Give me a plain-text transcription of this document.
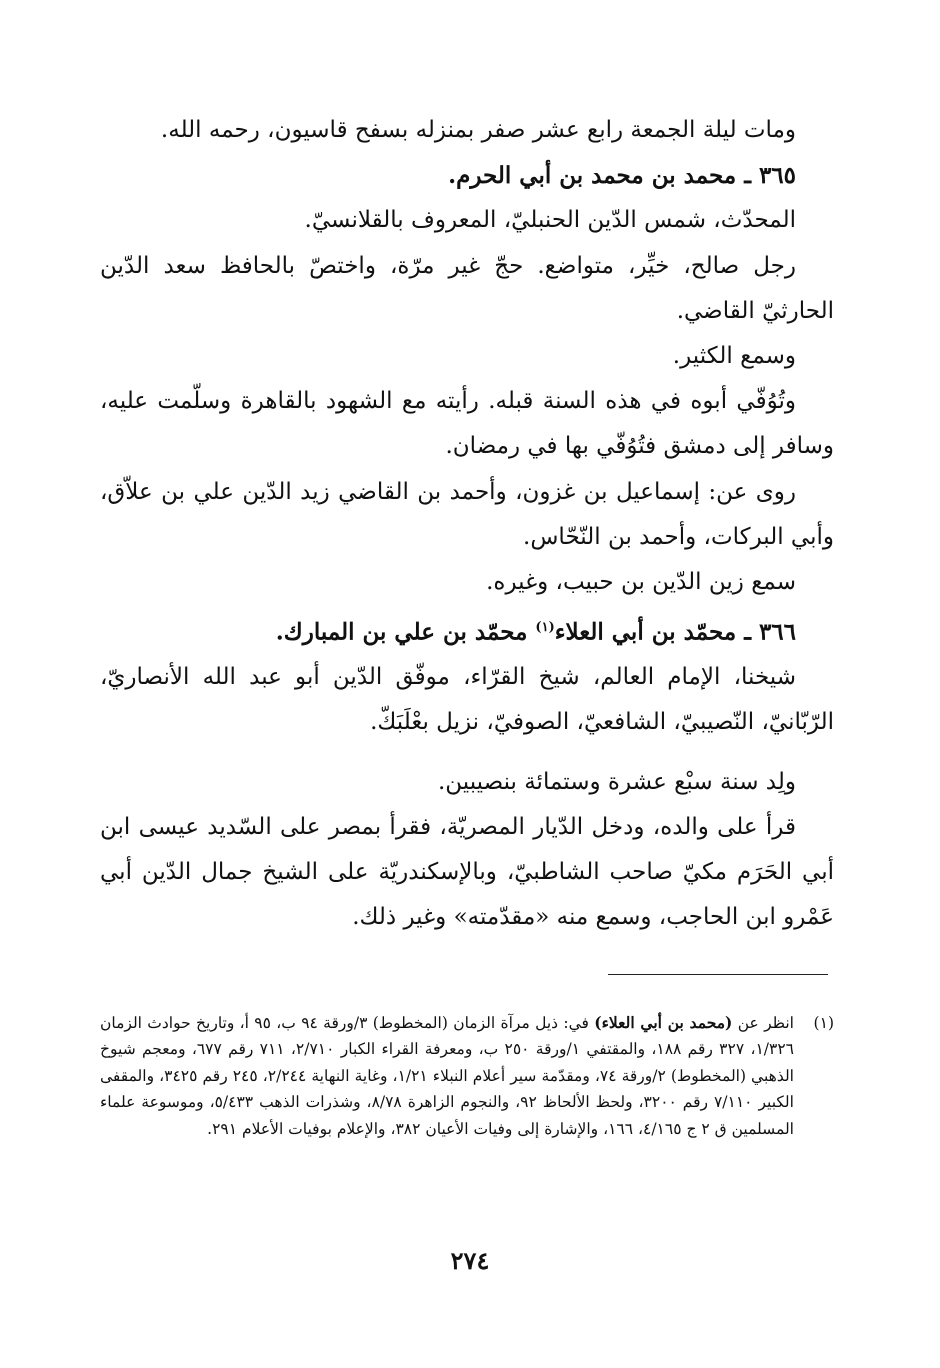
ومات ليلة الجمعة رابع عشر صفر بمنزله بسفح قاسيون، رحمه الله.

٣٦٥ ـ محمد بن محمد بن أبي الحرم.

المحدّث، شمس الدّين الحنبليّ، المعروف بالقلانسيّ.

رجل صالح، خيِّر، متواضع. حجّ غير مرّة، واختصّ بالحافظ سعد الدّين الحارثيّ القاضي.

وسمع الكثير.

وتُوُفّي أبوه في هذه السنة قبله. رأيته مع الشهود بالقاهرة وسلّمت عليه، وسافر إلى دمشق فتُوُفّي بها في رمضان.

روى عن: إسماعيل بن غزون، وأحمد بن القاضي زيد الدّين علي بن علاّق، وأبي البركات، وأحمد بن النّحّاس.

سمع زين الدّين بن حبيب، وغيره.

٣٦٦ ـ محمّد بن أبي العلاء$^{(١)}$ محمّد بن علي بن المبارك.

شيخنا، الإمام العالم، شيخ القرّاء، موفّق الدّين أبو عبد الله الأنصاريّ، الرّبّانيّ، النّصيبيّ، الشافعيّ، الصوفيّ، نزيل بعْلَبَكّ.

ولِد سنة سبْع عشرة وستمائة بنصيبين.

قرأ على والده، ودخل الدّيار المصريّة، فقرأ بمصر على السّديد عيسى ابن أبي الحَرَم مكيّ صاحب الشاطبيّ، وبالإسكندريّة على الشيخ جمال الدّين أبي عَمْرو ابن الحاجب، وسمع منه «مقدّمته» وغير ذلك.

(١)
انظر عن (محمد بن أبي العلاء) في: ذيل مرآة الزمان (المخطوط) ٣/ورقة ٩٤ ب، ٩٥ أ، وتاريخ حوادث الزمان ١/٣٢٦، ٣٢٧ رقم ١٨٨، والمقتفي ١/ورقة ٢٥٠ ب، ومعرفة القراء الكبار ٢/٧١٠، ٧١١ رقم ٦٧٧، ومعجم شيوخ الذهبي (المخطوط) ٢/ورقة ٧٤، ومقدّمة سير أعلام النبلاء ١/٢١، وغاية النهاية ٢/٢٤٤، ٢٤٥ رقم ٣٤٢٥، والمقفى الكبير ٧/١١٠ رقم ٣٢٠٠، ولحظ الألحاظ ٩٢، والنجوم الزاهرة ٨/٧٨، وشذرات الذهب ٥/٤٣٣، وموسوعة علماء المسلمين ق ٢ ج ٤/١٦٥، ١٦٦، والإشارة إلى وفيات الأعيان ٣٨٢، والإعلام بوفيات الأعلام ٢٩١.
٢٧٤
